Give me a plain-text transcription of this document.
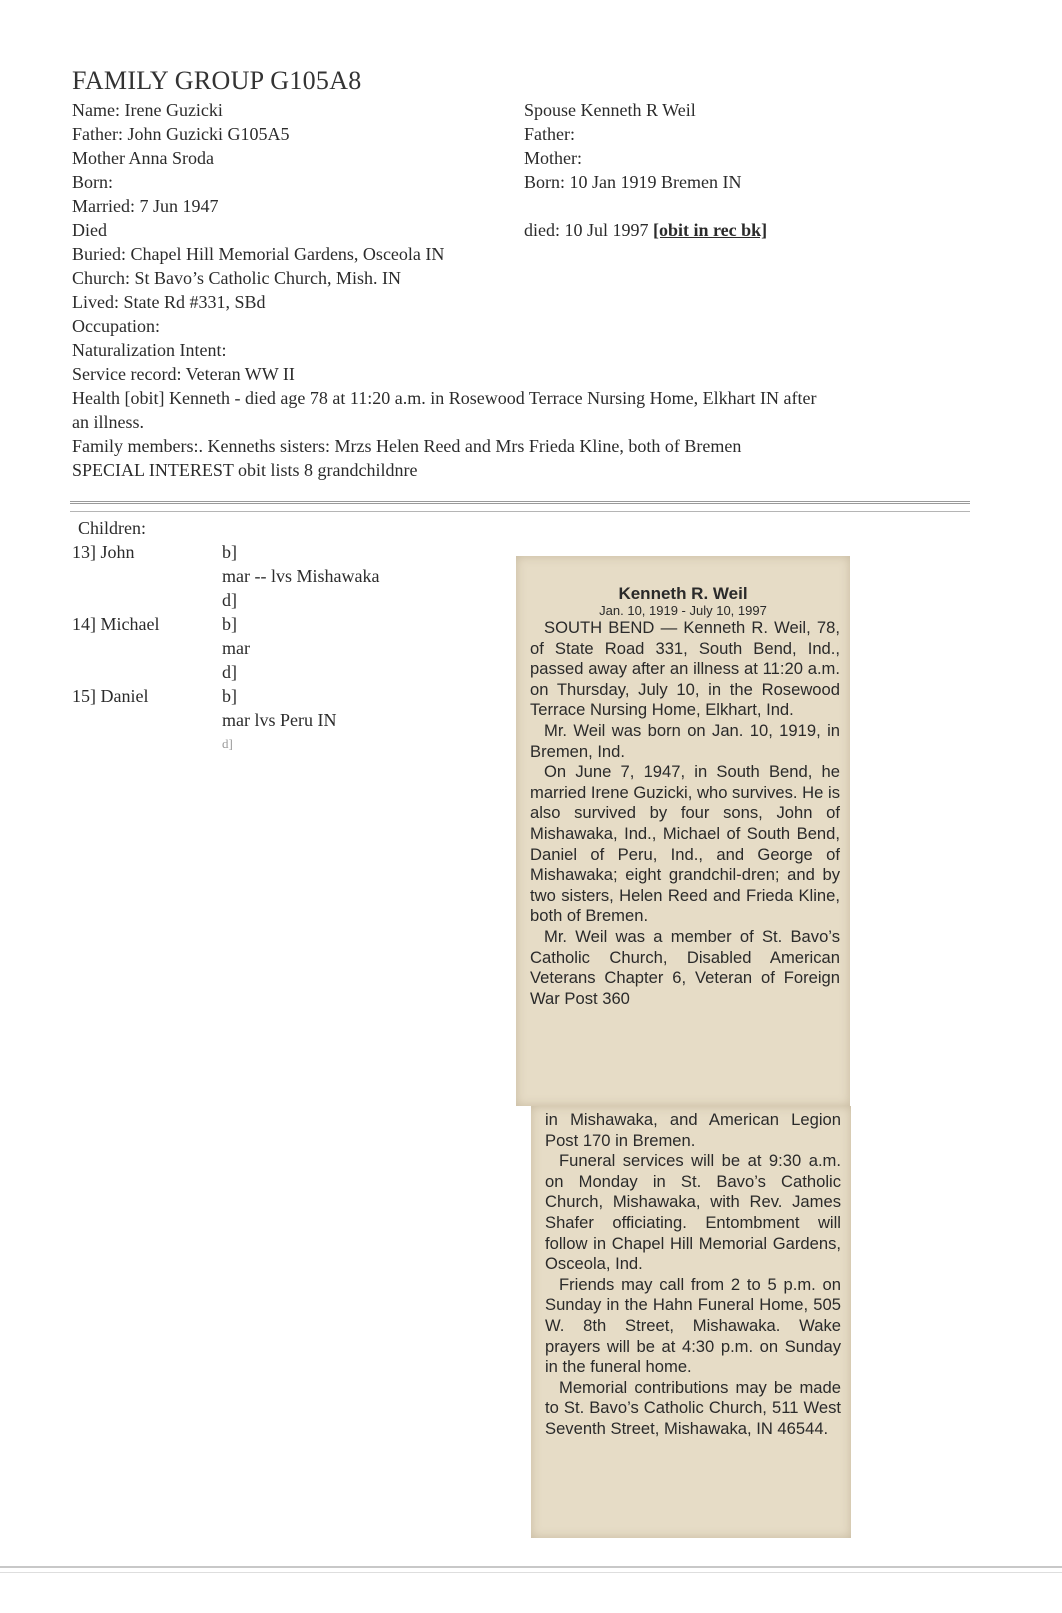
FAMILY GROUP G105A8
Name: Irene Guzicki
Father: John Guzicki G105A5
Mother Anna Sroda
Born:
Married: 7 Jun 1947
Died
Buried: Chapel Hill Memorial Gardens, Osceola IN
Church: St Bavo’s Catholic Church, Mish. IN
Lived: State Rd #331, SBd
Occupation:
Naturalization Intent:
Service record: Veteran WW II
Health [obit] Kenneth - died age 78 at 11:20 a.m. in Rosewood Terrace Nursing Home, Elkhart IN after
an illness.
Family members:. Kenneths sisters: Mrzs Helen Reed and Mrs Frieda Kline, both of Bremen
SPECIAL INTEREST obit lists 8 grandchildnre
Spouse Kenneth R Weil
Father:
Mother:
Born: 10 Jan 1919 Bremen IN
died: 10 Jul 1997 [obit in rec bk]
Children:
13] John	b]
mar -- lvs Mishawaka
d]
14] Michael	b]
mar
d]
15] Daniel	b]
mar lvs Peru IN
d]
Kenneth R. Weil
Jan. 10, 1919 - July 10, 1997

SOUTH BEND — Kenneth R. Weil, 78, of State Road 331, South Bend, Ind., passed away after an illness at 11:20 a.m. on Thursday, July 10, in the Rosewood Terrace Nursing Home, Elkhart, Ind.

Mr. Weil was born on Jan. 10, 1919, in Bremen, Ind.

On June 7, 1947, in South Bend, he married Irene Guzicki, who survives. He is also survived by four sons, John of Mishawaka, Ind., Michael of South Bend, Daniel of Peru, Ind., and George of Mishawaka; eight grandchil-dren; and by two sisters, Helen Reed and Frieda Kline, both of Bremen.

Mr. Weil was a member of St. Bavo’s Catholic Church, Disabled American Veterans Chapter 6, Veteran of Foreign War Post 360

in Mishawaka, and American Legion Post 170 in Bremen.

Funeral services will be at 9:30 a.m. on Monday in St. Bavo’s Catholic Church, Mishawaka, with Rev. James Shafer officiating. Entombment will follow in Chapel Hill Memorial Gardens, Osceola, Ind.

Friends may call from 2 to 5 p.m. on Sunday in the Hahn Funeral Home, 505 W. 8th Street, Mishawaka. Wake prayers will be at 4:30 p.m. on Sunday in the funeral home.

Memorial contributions may be made to St. Bavo’s Catholic Church, 511 West Seventh Street, Mishawaka, IN 46544.
